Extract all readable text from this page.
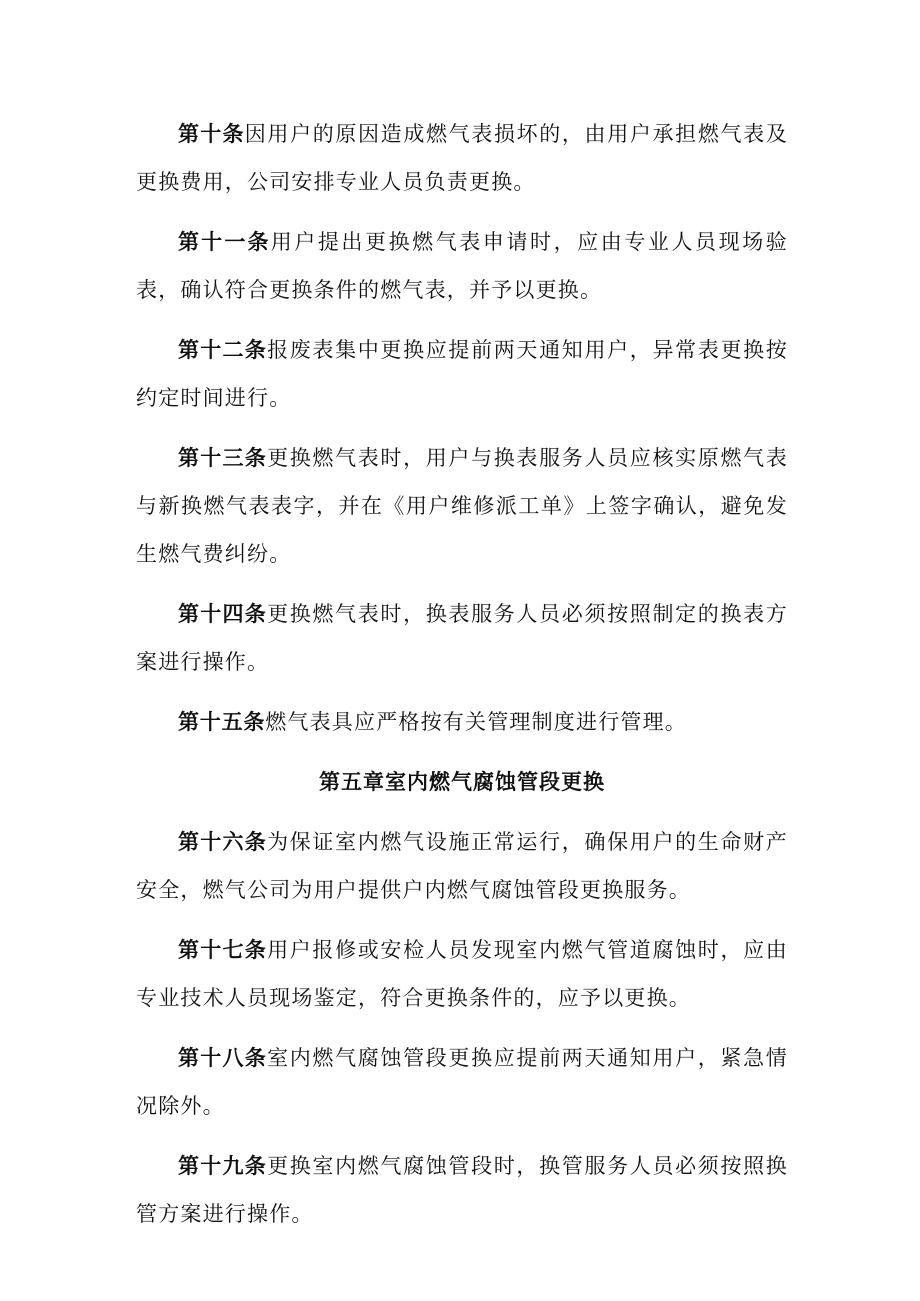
第十条因用户的原因造成燃气表损坏的，由用户承担燃气表及更换费用，公司安排专业人员负责更换。

第十一条用户提出更换燃气表申请时，应由专业人员现场验表，确认符合更换条件的燃气表，并予以更换。

第十二条报废表集中更换应提前两天通知用户，异常表更换按约定时间进行。

第十三条更换燃气表时，用户与换表服务人员应核实原燃气表与新换燃气表表字，并在《用户维修派工单》上签字确认，避免发生燃气费纠纷。

第十四条更换燃气表时，换表服务人员必须按照制定的换表方案进行操作。

第十五条燃气表具应严格按有关管理制度进行管理。

第五章室内燃气腐蚀管段更换

第十六条为保证室内燃气设施正常运行，确保用户的生命财产安全，燃气公司为用户提供户内燃气腐蚀管段更换服务。

第十七条用户报修或安检人员发现室内燃气管道腐蚀时，应由专业技术人员现场鉴定，符合更换条件的，应予以更换。

第十八条室内燃气腐蚀管段更换应提前两天通知用户，紧急情况除外。

第十九条更换室内燃气腐蚀管段时，换管服务人员必须按照换管方案进行操作。
